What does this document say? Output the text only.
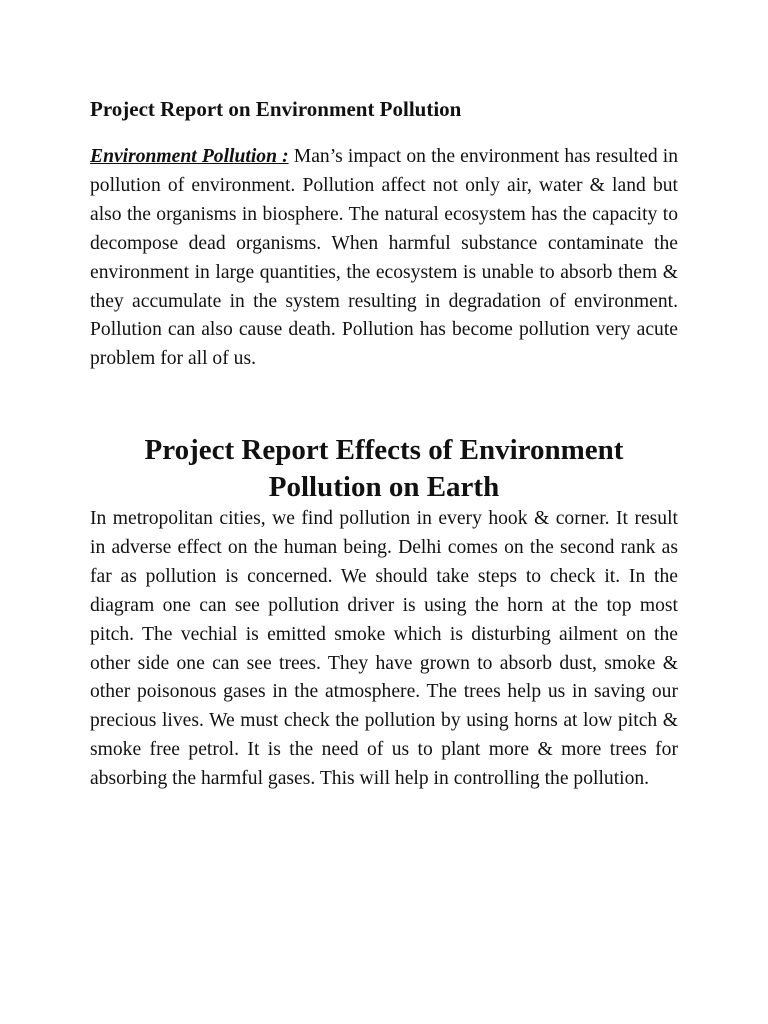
Project Report on Environment Pollution

Environment Pollution : Man’s impact on the environment has resulted in pollution of environment. Pollution affect not only air, water & land but also the organisms in biosphere. The natural ecosystem has the capacity to decompose dead organisms. When harmful substance contaminate the environment in large quantities, the ecosystem is unable to absorb them & they accumulate in the system resulting in degradation of environment. Pollution can also cause death. Pollution has become pollution very acute problem for all of us.

Project Report Effects of Environment Pollution on Earth

In metropolitan cities, we find pollution in every hook & corner. It result in adverse effect on the human being. Delhi comes on the second rank as far as pollution is concerned. We should take steps to check it. In the diagram one can see pollution driver is using the horn at the top most pitch. The vechial is emitted smoke which is disturbing ailment on the other side one can see trees. They have grown to absorb dust, smoke & other poisonous gases in the atmosphere. The trees help us in saving our precious lives. We must check the pollution by using horns at low pitch & smoke free petrol. It is the need of us to plant more & more trees for absorbing the harmful gases. This will help in controlling the pollution.
